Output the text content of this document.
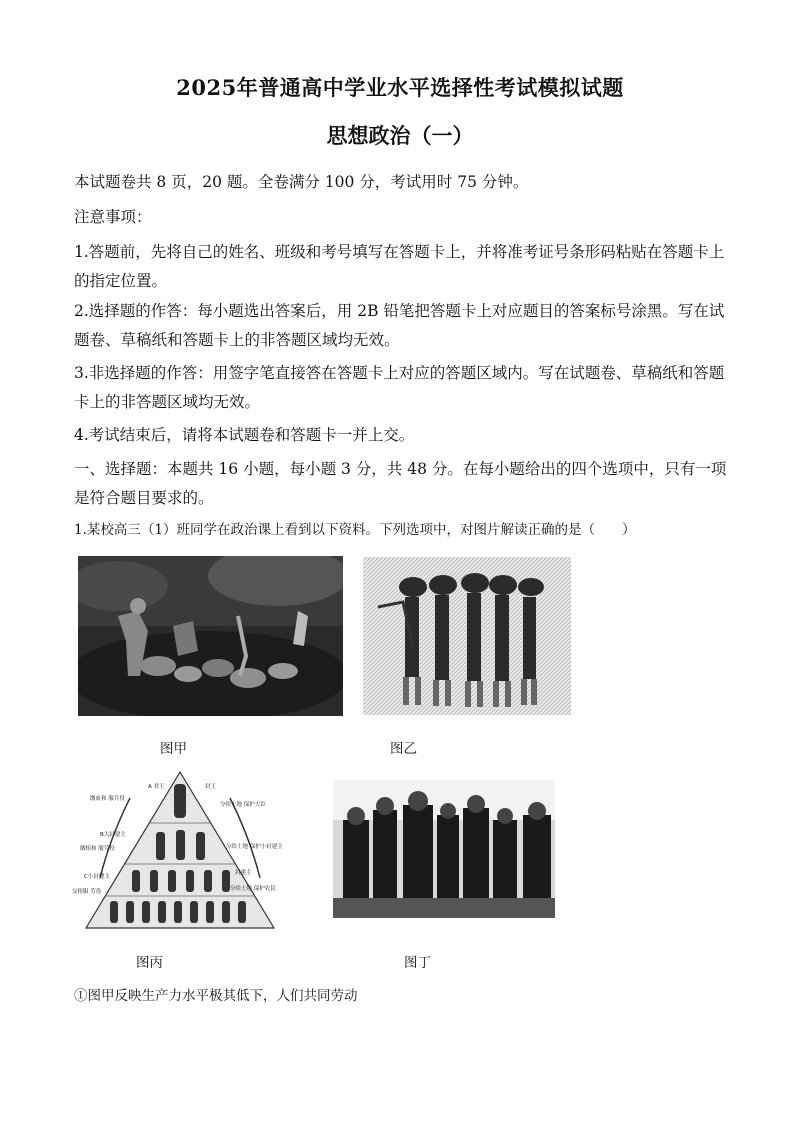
2025年普通高中学业水平选择性考试模拟试题
思想政治（一）
本试题卷共 8 页，20 题。全卷满分 100 分，考试用时 75 分钟。
注意事项：
1.答题前，先将自己的姓名、班级和考号填写在答题卡上，并将准考证号条形码粘贴在答题卡上的指定位置。
2.选择题的作答：每小题选出答案后，用 2B 铅笔把答题卡上对应题目的答案标号涂黑。写在试题卷、草稿纸和答题卡上的非答题区域均无效。
3.非选择题的作答：用签字笔直接答在答题卡上对应的答题区域内。写在试题卷、草稿纸和答题卡上的非答题区域均无效。
4.考试结束后，请将本试题卷和答题卡一并上交。
一、选择题：本题共 16 小题，每小题 3 分，共 48 分。在每小题给出的四个选项中，只有一项是符合题目要求的。
1.某校高三（1）班同学在政治课上看到以下资料。下列选项中，对图片解读正确的是（　　）
图甲	图乙
A 君王
缴血和 服兵役
B大封建主
缴租和 服劳役
C小封建主
交租服 劳役
封王
分给土地 保护大臣
分给土地 保护小封建主
封建主
分给土地 保护农民
图丙	图丁
①图甲反映生产力水平极其低下，人们共同劳动
